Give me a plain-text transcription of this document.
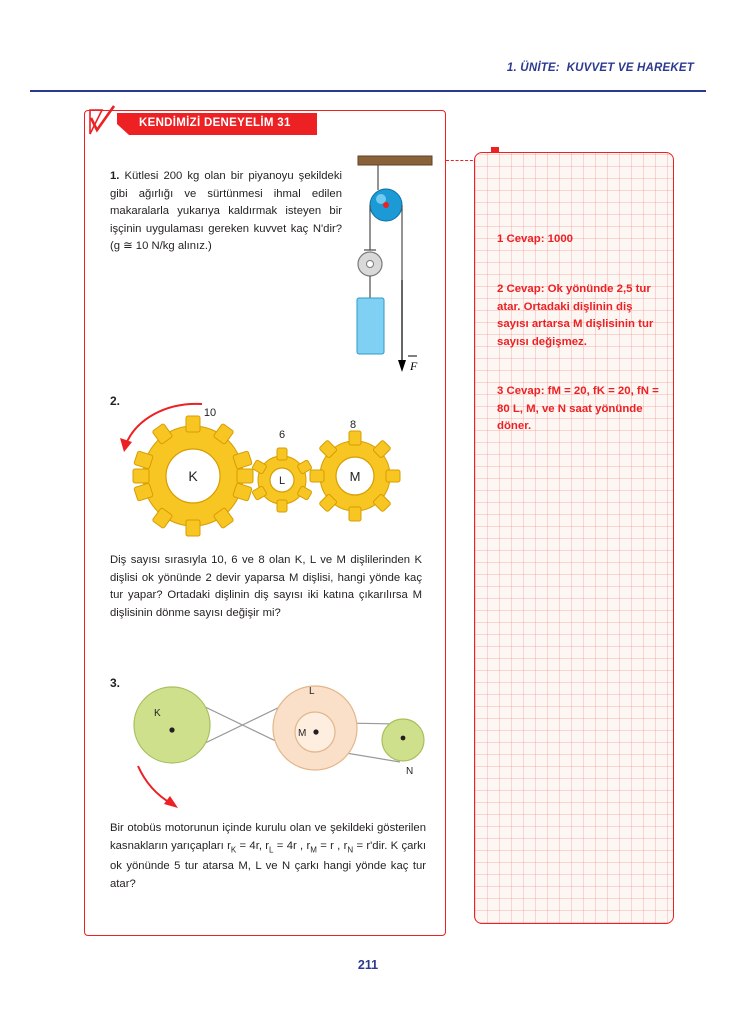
1. ÜNİTE:  KUVVET VE HAREKET
KENDİMİZİ DENEYELİM 31
1. Kütlesi 200 kg olan bir piyanoyu şekildeki gibi ağırlığı ve sürtünmesi ihmal edilen makaralarla yukarıya kaldırmak isteyen bir işçinin uygulaması gereken kuvvet kaç N'dir? (g ≅ 10 N/kg alınız.)
F
2.
K	L	M
10
6
8
Diş sayısı sırasıyla 10, 6 ve 8 olan K, L ve M dişlilerinden K dişlisi ok yönünde 2 devir yaparsa M dişlisi, hangi yönde kaç tur yapar? Ortadaki dişlinin diş sayısı iki katına çıkarılırsa M dişlisinin dönme sayısı değişir mi?
3.
K
L
M
N
Bir otobüs motorunun içinde kurulu olan ve şekildeki gösterilen kasnakların yarıçapları $r_K = 4r$, $r_L = 4r$ , $r_M = r$ , $r_N = r'dir$. K çarkı ok yönünde 5 tur atarsa M, L ve N çarkı hangi yönde kaç tur atar?
1 Cevap: 1000
2 Cevap: Ok yönünde 2,5 tur atar. Ortadaki dişlinin diş sayısı artarsa M dişlisinin tur sayısı değişmez.
3 Cevap: fM = 20, fK = 20, fN = 80 L, M, ve N saat yönünde döner.
211
